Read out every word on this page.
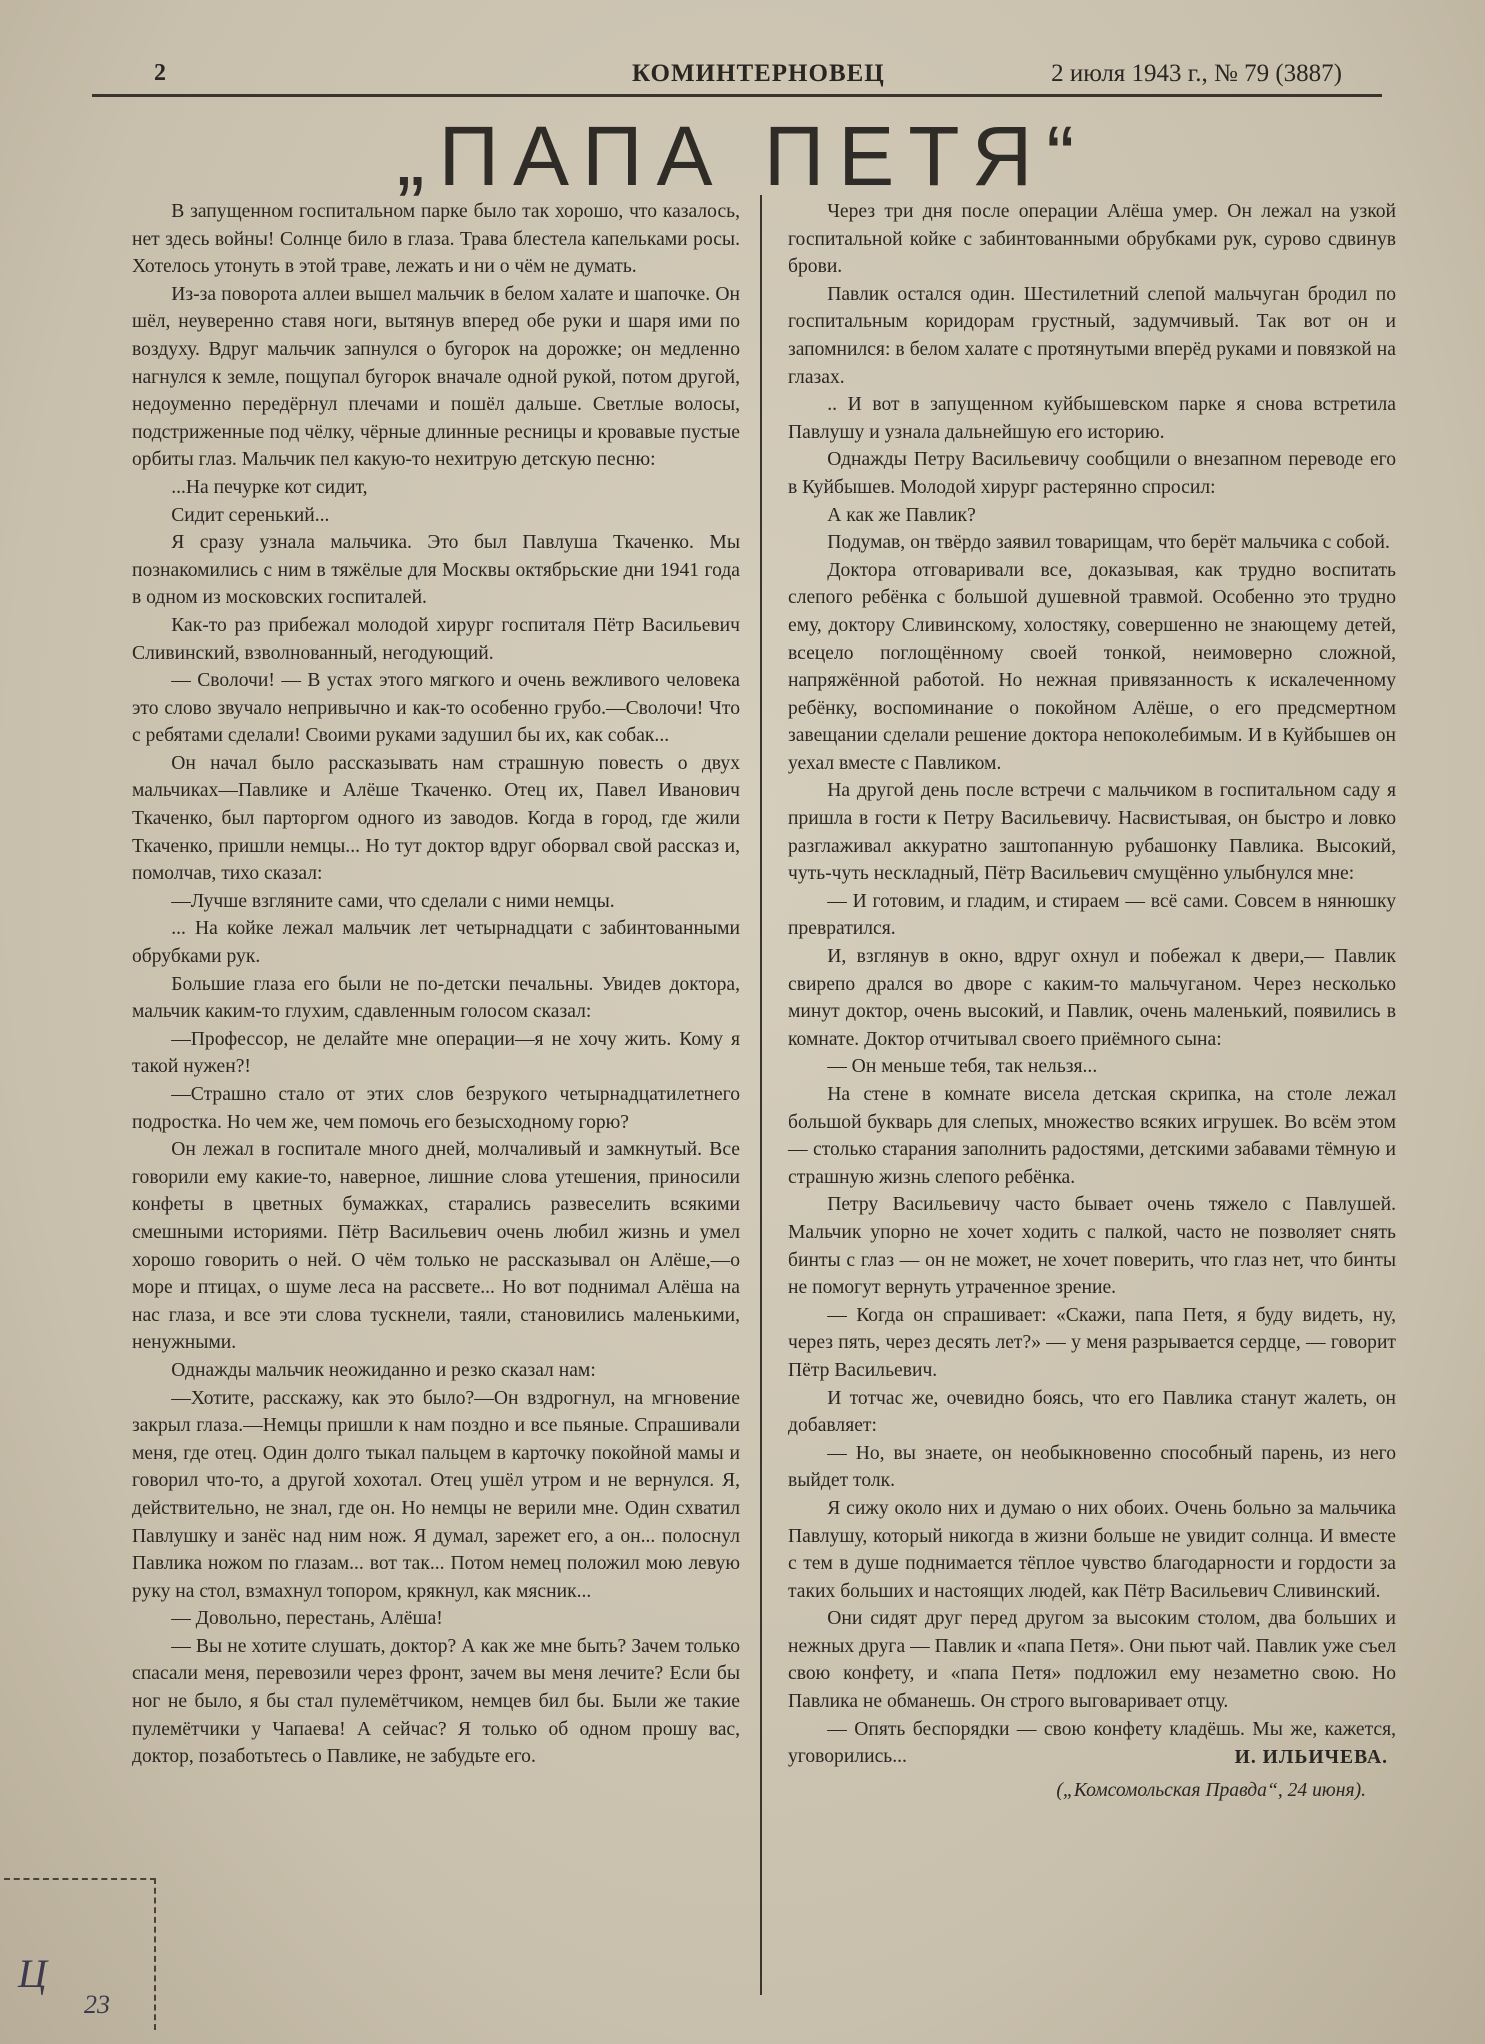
2	КОМИНТЕРНОВЕЦ	2 июля 1943 г., № 79 (3887)
„ПАПА ПЕТЯ“

В запущенном госпитальном парке было так хорошо, что казалось, нет здесь войны! Солнце било в глаза. Трава блестела капельками росы. Хотелось утонуть в этой траве, лежать и ни о чём не думать.

Из-за поворота аллеи вышел мальчик в белом халате и шапочке. Он шёл, неуверенно ставя ноги, вытянув вперед обе руки и шаря ими по воздуху. Вдруг мальчик запнулся о бугорок на дорожке; он медленно нагнулся к земле, пощупал бугорок вначале одной рукой, потом другой, недоуменно передёрнул плечами и пошёл дальше. Светлые волосы, подстриженные под чёлку, чёрные длинные ресницы и кровавые пустые орбиты глаз. Мальчик пел какую-то нехитрую детскую песню:

...На печурке кот сидит,

Сидит серенький...

Я сразу узнала мальчика. Это был Павлуша Ткаченко. Мы познакомились с ним в тяжёлые для Москвы октябрьские дни 1941 года в одном из московских госпиталей.

Как-то раз прибежал молодой хирург госпиталя Пётр Васильевич Сливинский, взволнованный, негодующий.

— Сволочи! — В устах этого мягкого и очень вежливого человека это слово звучало непривычно и как-то особенно грубо.—Сволочи! Что с ребятами сделали! Своими руками задушил бы их, как собак...

Он начал было рассказывать нам страшную повесть о двух мальчиках—Павлике и Алёше Ткаченко. Отец их, Павел Иванович Ткаченко, был парторгом одного из заводов. Когда в город, где жили Ткаченко, пришли немцы... Но тут доктор вдруг оборвал свой рассказ и, помолчав, тихо сказал:

—Лучше взгляните сами, что сделали с ними немцы.

... На койке лежал мальчик лет четырнадцати с забинтованными обрубками рук.

Большие глаза его были не по-детски печальны. Увидев доктора, мальчик каким-то глухим, сдавленным голосом сказал:

—Профессор, не делайте мне операции—я не хочу жить. Кому я такой нужен?!

—Страшно стало от этих слов безрукого четырнадцатилетнего подростка. Но чем же, чем помочь его безысходному горю?

Он лежал в госпитале много дней, молчаливый и замкнутый. Все говорили ему какие-то, наверное, лишние слова утешения, приносили конфеты в цветных бумажках, старались развеселить всякими смешными историями. Пётр Васильевич очень любил жизнь и умел хорошо говорить о ней. О чём только не рассказывал он Алёше,—о море и птицах, о шуме леса на рассвете... Но вот поднимал Алёша на нас глаза, и все эти слова тускнели, таяли, становились маленькими, ненужными.

Однажды мальчик неожиданно и резко сказал нам:

—Хотите, расскажу, как это было?—Он вздрогнул, на мгновение закрыл глаза.—Немцы пришли к нам поздно и все пьяные. Спрашивали меня, где отец. Один долго тыкал пальцем в карточку покойной мамы и говорил что-то, а другой хохотал. Отец ушёл утром и не вернулся. Я, действительно, не знал, где он. Но немцы не верили мне. Один схватил Павлушку и занёс над ним нож. Я думал, зарежет его, а он... полоснул Павлика ножом по глазам... вот так... Потом немец положил мою левую руку на стол, взмахнул топором, крякнул, как мясник...

— Довольно, перестань, Алёша!

— Вы не хотите слушать, доктор? А как же мне быть? Зачем только спасали меня, перевозили через фронт, зачем вы меня лечите? Если бы ног не было, я бы стал пулемётчиком, немцев бил бы. Были же такие пулемётчики у Чапаева! А сейчас? Я только об одном прошу вас, доктор, позаботьтесь о Павлике, не забудьте его.

Через три дня после операции Алёша умер. Он лежал на узкой госпитальной койке с забинтованными обрубками рук, сурово сдвинув брови.

Павлик остался один. Шестилетний слепой мальчуган бродил по госпитальным коридорам грустный, задумчивый. Так вот он и запомнился: в белом халате с протянутыми вперёд руками и повязкой на глазах.

.. И вот в запущенном куйбышевском парке я снова встретила Павлушу и узнала дальнейшую его историю.

Однажды Петру Васильевичу сообщили о внезапном переводе его в Куйбышев. Молодой хирург растерянно спросил:

А как же Павлик?

Подумав, он твёрдо заявил товарищам, что берёт мальчика с собой.

Доктора отговаривали все, доказывая, как трудно воспитать слепого ребёнка с большой душевной травмой. Особенно это трудно ему, доктору Сливинскому, холостяку, совершенно не знающему детей, всецело поглощённому своей тонкой, неимоверно сложной, напряжённой работой. Но нежная привязанность к искалеченному ребёнку, воспоминание о покойном Алёше, о его предсмертном завещании сделали решение доктора непоколебимым. И в Куйбышев он уехал вместе с Павликом.

На другой день после встречи с мальчиком в госпитальном саду я пришла в гости к Петру Васильевичу. Насвистывая, он быстро и ловко разглаживал аккуратно заштопанную рубашонку Павлика. Высокий, чуть-чуть нескладный, Пётр Васильевич смущённо улыбнулся мне:

— И готовим, и гладим, и стираем — всё сами. Совсем в нянюшку превратился.

И, взглянув в окно, вдруг охнул и побежал к двери,— Павлик свирепо дрался во дворе с каким-то мальчуганом. Через несколько минут доктор, очень высокий, и Павлик, очень маленький, появились в комнате. Доктор отчитывал своего приёмного сына:

— Он меньше тебя, так нельзя...

На стене в комнате висела детская скрипка, на столе лежал большой букварь для слепых, множество всяких игрушек. Во всём этом — столько старания заполнить радостями, детскими забавами тёмную и страшную жизнь слепого ребёнка.

Петру Васильевичу часто бывает очень тяжело с Павлушей. Мальчик упорно не хочет ходить с палкой, часто не позволяет снять бинты с глаз — он не может, не хочет поверить, что глаз нет, что бинты не помогут вернуть утраченное зрение.

— Когда он спрашивает: «Скажи, папа Петя, я буду видеть, ну, через пять, через десять лет?» — у меня разрывается сердце, — говорит Пётр Васильевич.

И тотчас же, очевидно боясь, что его Павлика станут жалеть, он добавляет:

— Но, вы знаете, он необыкновенно способный парень, из него выйдет толк.

Я сижу около них и думаю о них обоих. Очень больно за мальчика Павлушу, который никогда в жизни больше не увидит солнца. И вместе с тем в душе поднимается тёплое чувство благодарности и гордости за таких больших и настоящих людей, как Пётр Васильевич Сливинский.

Они сидят друг перед другом за высоким столом, два больших и нежных друга — Павлик и «папа Петя». Они пьют чай. Павлик уже съел свою конфету, и «папа Петя» подложил ему незаметно свою. Но Павлика не обманешь. Он строго выговаривает отцу.

— Опять беспорядки — свою конфету кладёшь. Мы же, кажется, уговорились...	И. ИЛЬИЧЕВА.
(„Комсомольская Правда“, 24 июня).
Ц
23
